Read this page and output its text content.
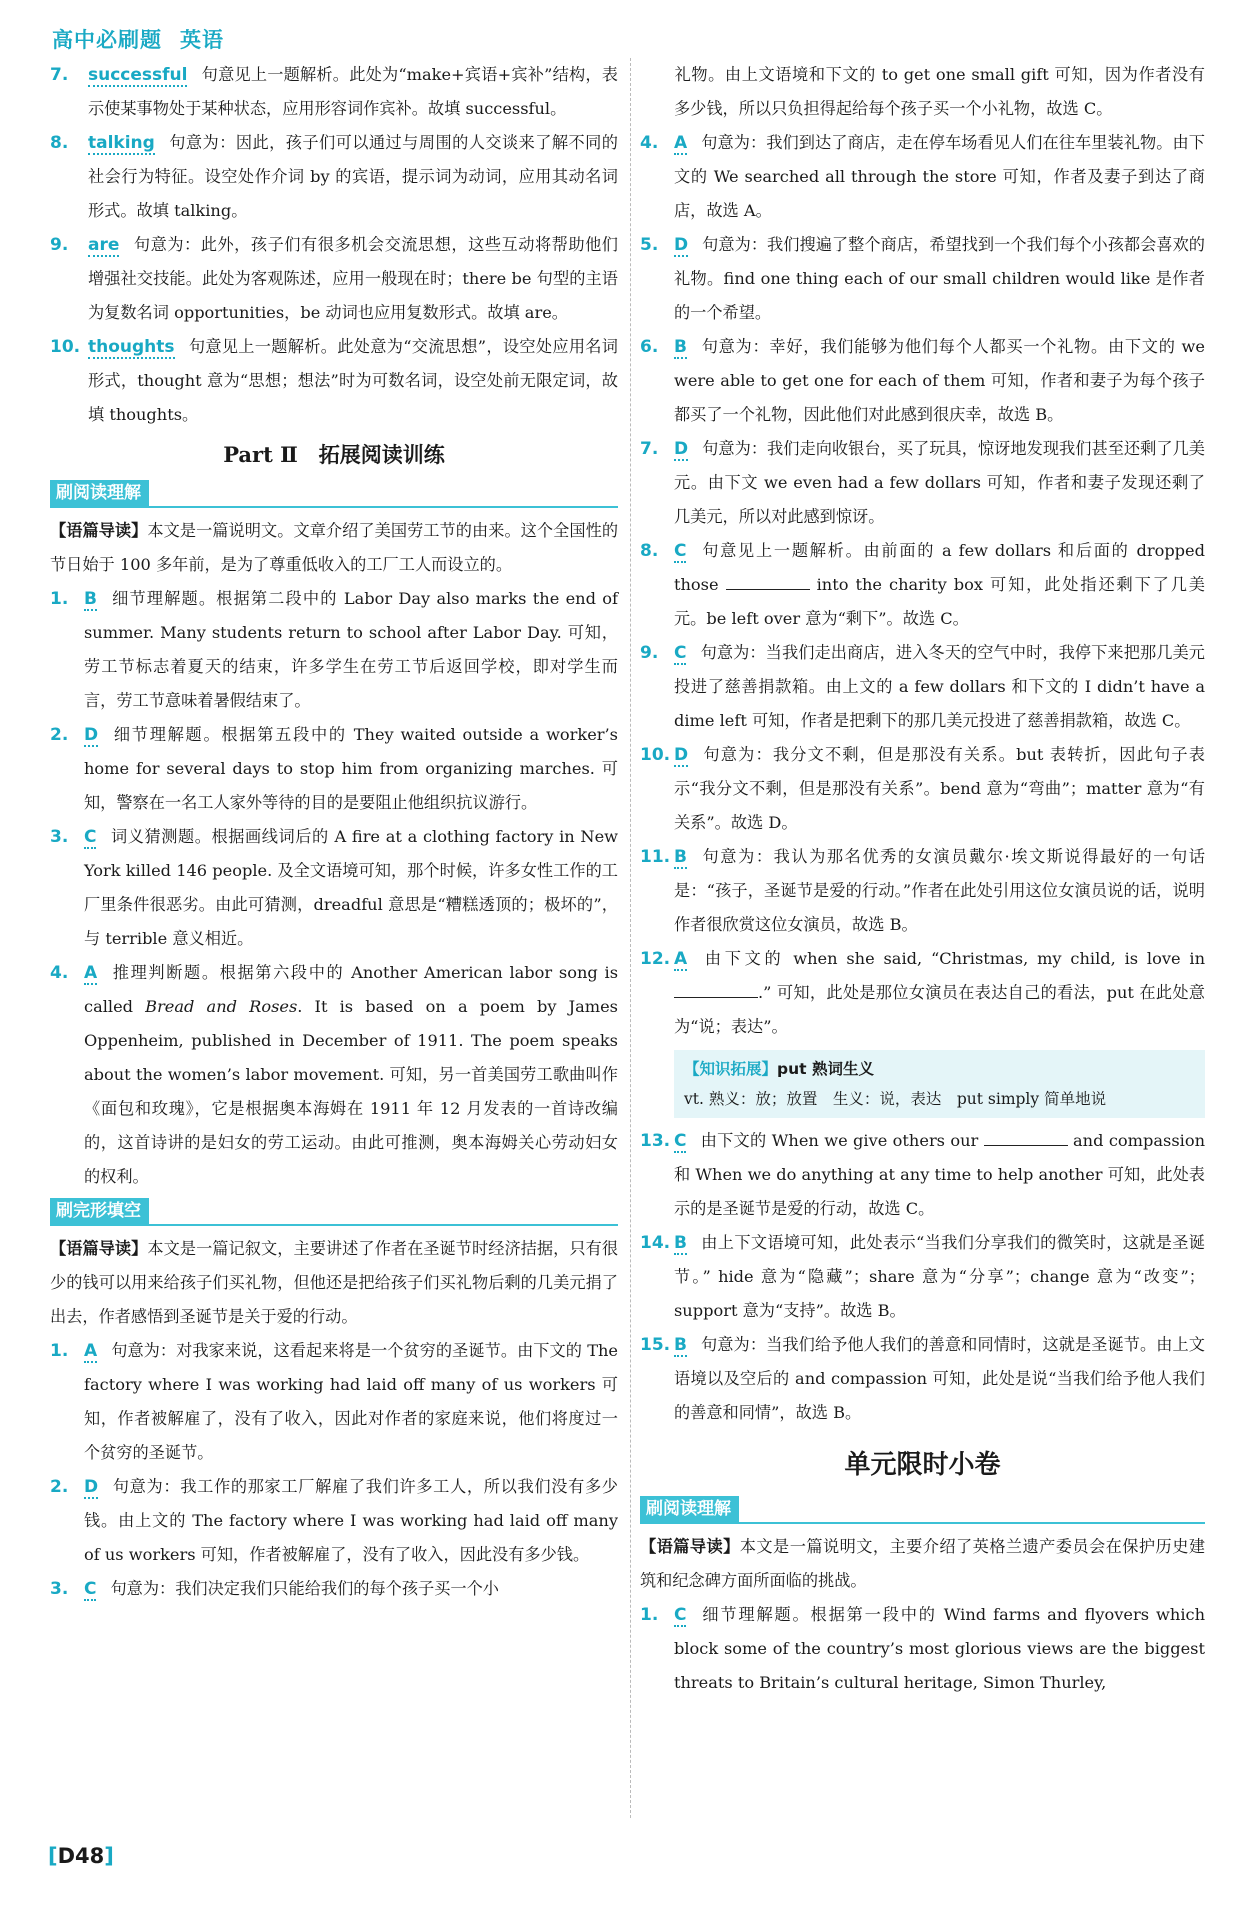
高中必刷题 英语
7. successful 句意见上一题解析。此处为“make+宾语+宾补”结构，表示使某事物处于某种状态，应用形容词作宾补。故填 successful。
8. talking 句意为：因此，孩子们可以通过与周围的人交谈来了解不同的社会行为特征。设空处作介词 by 的宾语，提示词为动词，应用其动名词形式。故填 talking。
9. are 句意为：此外，孩子们有很多机会交流思想，这些互动将帮助他们增强社交技能。此处为客观陈述，应用一般现在时；there be 句型的主语为复数名词 opportunities，be 动词也应用复数形式。故填 are。
10. thoughts 句意见上一题解析。此处意为“交流思想”，设空处应用名词形式，thought 意为“思想；想法”时为可数名词，设空处前无限定词，故填 thoughts。
Part Ⅱ　拓展阅读训练
刷阅读理解
【语篇导读】本文是一篇说明文。文章介绍了美国劳工节的由来。这个全国性的节日始于 100 多年前，是为了尊重低收入的工厂工人而设立的。
1. B 细节理解题。根据第二段中的 Labor Day also marks the end of summer. Many students return to school after Labor Day. 可知，劳工节标志着夏天的结束，许多学生在劳工节后返回学校，即对学生而言，劳工节意味着暑假结束了。
2. D 细节理解题。根据第五段中的 They waited outside a worker’s home for several days to stop him from organizing marches. 可知，警察在一名工人家外等待的目的是要阻止他组织抗议游行。
3. C 词义猜测题。根据画线词后的 A fire at a clothing factory in New York killed 146 people. 及全文语境可知，那个时候，许多女性工作的工厂里条件很恶劣。由此可猜测，dreadful 意思是“糟糕透顶的；极坏的”，与 terrible 意义相近。
4. A 推理判断题。根据第六段中的 Another American labor song is called Bread and Roses. It is based on a poem by James Oppenheim, published in December of 1911. The poem speaks about the women’s labor movement. 可知，另一首美国劳工歌曲叫作《面包和玫瑰》，它是根据奥本海姆在 1911 年 12 月发表的一首诗改编的，这首诗讲的是妇女的劳工运动。由此可推测，奥本海姆关心劳动妇女的权利。
刷完形填空
【语篇导读】本文是一篇记叙文，主要讲述了作者在圣诞节时经济拮据，只有很少的钱可以用来给孩子们买礼物，但他还是把给孩子们买礼物后剩的几美元捐了出去，作者感悟到圣诞节是关于爱的行动。
1. A 句意为：对我家来说，这看起来将是一个贫穷的圣诞节。由下文的 The factory where I was working had laid off many of us workers 可知，作者被解雇了，没有了收入，因此对作者的家庭来说，他们将度过一个贫穷的圣诞节。
2. D 句意为：我工作的那家工厂解雇了我们许多工人，所以我们没有多少钱。由上文的 The factory where I was working had laid off many of us workers 可知，作者被解雇了，没有了收入，因此没有多少钱。
3. C 句意为：我们决定我们只能给我们的每个孩子买一个小
礼物。由上文语境和下文的 to get one small gift 可知，因为作者没有多少钱，所以只负担得起给每个孩子买一个小礼物，故选 C。
4. A 句意为：我们到达了商店，走在停车场看见人们在往车里装礼物。由下文的 We searched all through the store 可知，作者及妻子到达了商店，故选 A。
5. D 句意为：我们搜遍了整个商店，希望找到一个我们每个小孩都会喜欢的礼物。find one thing each of our small children would like 是作者的一个希望。
6. B 句意为：幸好，我们能够为他们每个人都买一个礼物。由下文的 we were able to get one for each of them 可知，作者和妻子为每个孩子都买了一个礼物，因此他们对此感到很庆幸，故选 B。
7. D 句意为：我们走向收银台，买了玩具，惊讶地发现我们甚至还剩了几美元。由下文 we even had a few dollars 可知，作者和妻子发现还剩了几美元，所以对此感到惊讶。
8. C 句意见上一题解析。由前面的 a few dollars 和后面的 dropped those	into the charity box 可知，此处指还剩下了几美元。be left over 意为“剩下”。故选 C。
9. C 句意为：当我们走出商店，进入冬天的空气中时，我停下来把那几美元投进了慈善捐款箱。由上文的 a few dollars 和下文的 I didn’t have a dime left 可知，作者是把剩下的那几美元投进了慈善捐款箱，故选 C。
10. D 句意为：我分文不剩，但是那没有关系。but 表转折，因此句子表示“我分文不剩，但是那没有关系”。bend 意为“弯曲”；matter 意为“有关系”。故选 D。
11. B 句意为：我认为那名优秀的女演员戴尔·埃文斯说得最好的一句话是：“孩子，圣诞节是爱的行动。”作者在此处引用这位女演员说的话，说明作者很欣赏这位女演员，故选 B。
12. A 由下文的 when she said, “Christmas, my child, is love in .” 可知，此处是那位女演员在表达自己的看法，put 在此处意为“说；表达”。
【知识拓展】put 熟词生义
vt. 熟义：放；放置　生义：说，表达　put simply 简单地说
13. C 由下文的 When we give others our	and compassion 和 When we do anything at any time to help another 可知，此处表示的是圣诞节是爱的行动，故选 C。
14. B 由上下文语境可知，此处表示“当我们分享我们的微笑时，这就是圣诞节。” hide 意为“隐藏”；share 意为“分享”；change 意为“改变”；support 意为“支持”。故选 B。
15. B 句意为：当我们给予他人我们的善意和同情时，这就是圣诞节。由上文语境以及空后的 and compassion 可知，此处是说“当我们给予他人我们的善意和同情”，故选 B。
单元限时小卷
刷阅读理解
【语篇导读】本文是一篇说明文，主要介绍了英格兰遗产委员会在保护历史建筑和纪念碑方面所面临的挑战。
1. C 细节理解题。根据第一段中的 Wind farms and flyovers which block some of the country’s most glorious views are the biggest threats to Britain’s cultural heritage, Simon Thurley,
[D48]
